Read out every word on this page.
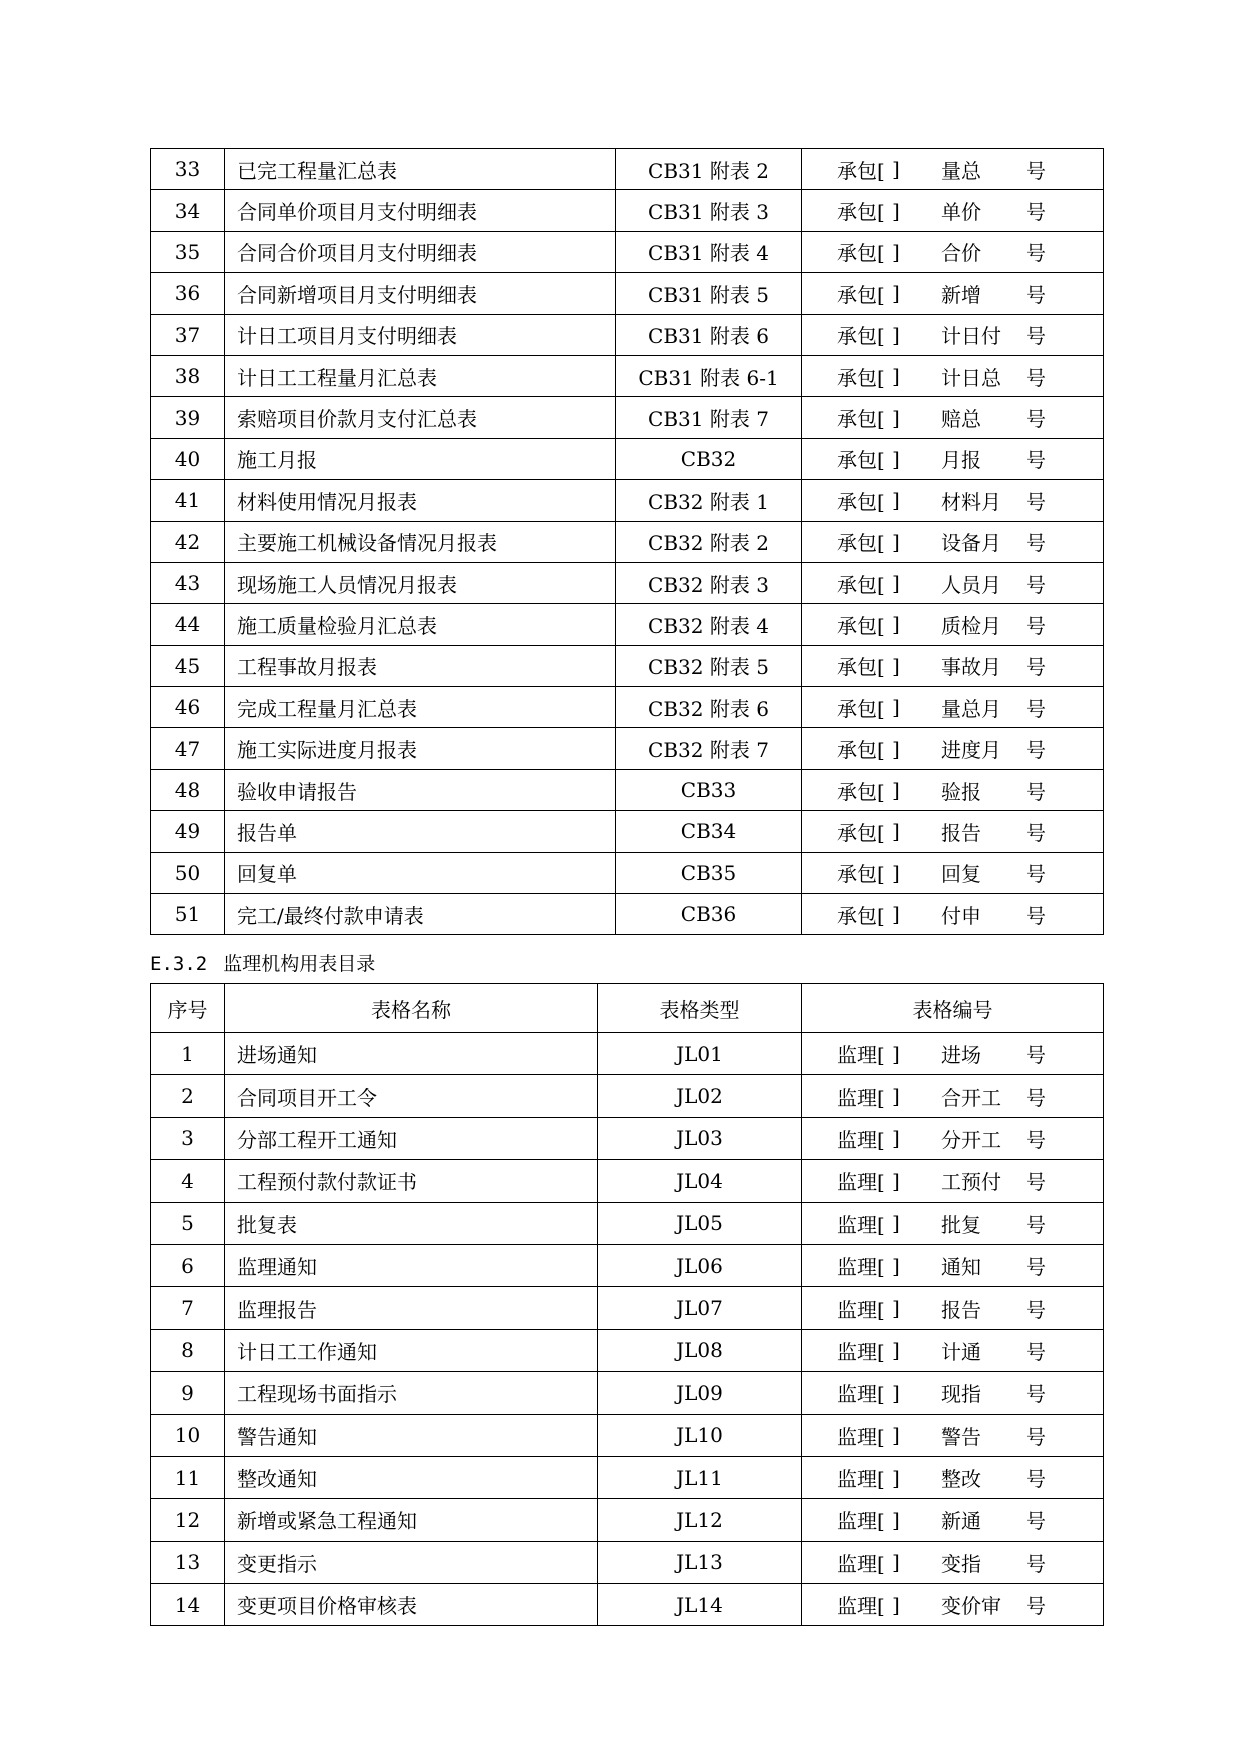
33	已完工程量汇总表	CB31 附表 2	承包[ ] 量总 号

34	合同单价项目月支付明细表	CB31 附表 3	承包[ ] 单价 号

35	合同合价项目月支付明细表	CB31 附表 4	承包[ ] 合价 号

36	合同新增项目月支付明细表	CB31 附表 5	承包[ ] 新增 号

37	计日工项目月支付明细表	CB31 附表 6	承包[ ] 计日付 号

38	计日工工程量月汇总表	CB31 附表 6-1	承包[ ] 计日总 号

39	索赔项目价款月支付汇总表	CB31 附表 7	承包[ ] 赔总 号

40	施工月报	CB32	承包[ ] 月报 号

41	材料使用情况月报表	CB32 附表 1	承包[ ] 材料月 号

42	主要施工机械设备情况月报表	CB32 附表 2	承包[ ] 设备月 号

43	现场施工人员情况月报表	CB32 附表 3	承包[ ] 人员月 号

44	施工质量检验月汇总表	CB32 附表 4	承包[ ] 质检月 号

45	工程事故月报表	CB32 附表 5	承包[ ] 事故月 号

46	完成工程量月汇总表	CB32 附表 6	承包[ ] 量总月 号

47	施工实际进度月报表	CB32 附表 7	承包[ ] 进度月 号

48	验收申请报告	CB33	承包[ ] 验报 号

49	报告单	CB34	承包[ ] 报告 号

50	回复单	CB35	承包[ ] 回复 号

51	完工/最终付款申请表	CB36	承包[ ] 付申 号
E.3.2 监理机构用表目录
序号	表格名称	表格类型	表格编号
1	进场通知	JL01	监理[ ] 进场 号

2	合同项目开工令	JL02	监理[ ] 合开工 号

3	分部工程开工通知	JL03	监理[ ] 分开工 号

4	工程预付款付款证书	JL04	监理[ ] 工预付 号

5	批复表	JL05	监理[ ] 批复 号

6	监理通知	JL06	监理[ ] 通知 号

7	监理报告	JL07	监理[ ] 报告 号

8	计日工工作通知	JL08	监理[ ] 计通 号

9	工程现场书面指示	JL09	监理[ ] 现指 号

10	警告通知	JL10	监理[ ] 警告 号

11	整改通知	JL11	监理[ ] 整改 号

12	新增或紧急工程通知	JL12	监理[ ] 新通 号

13	变更指示	JL13	监理[ ] 变指 号

14	变更项目价格审核表	JL14	监理[ ] 变价审 号
